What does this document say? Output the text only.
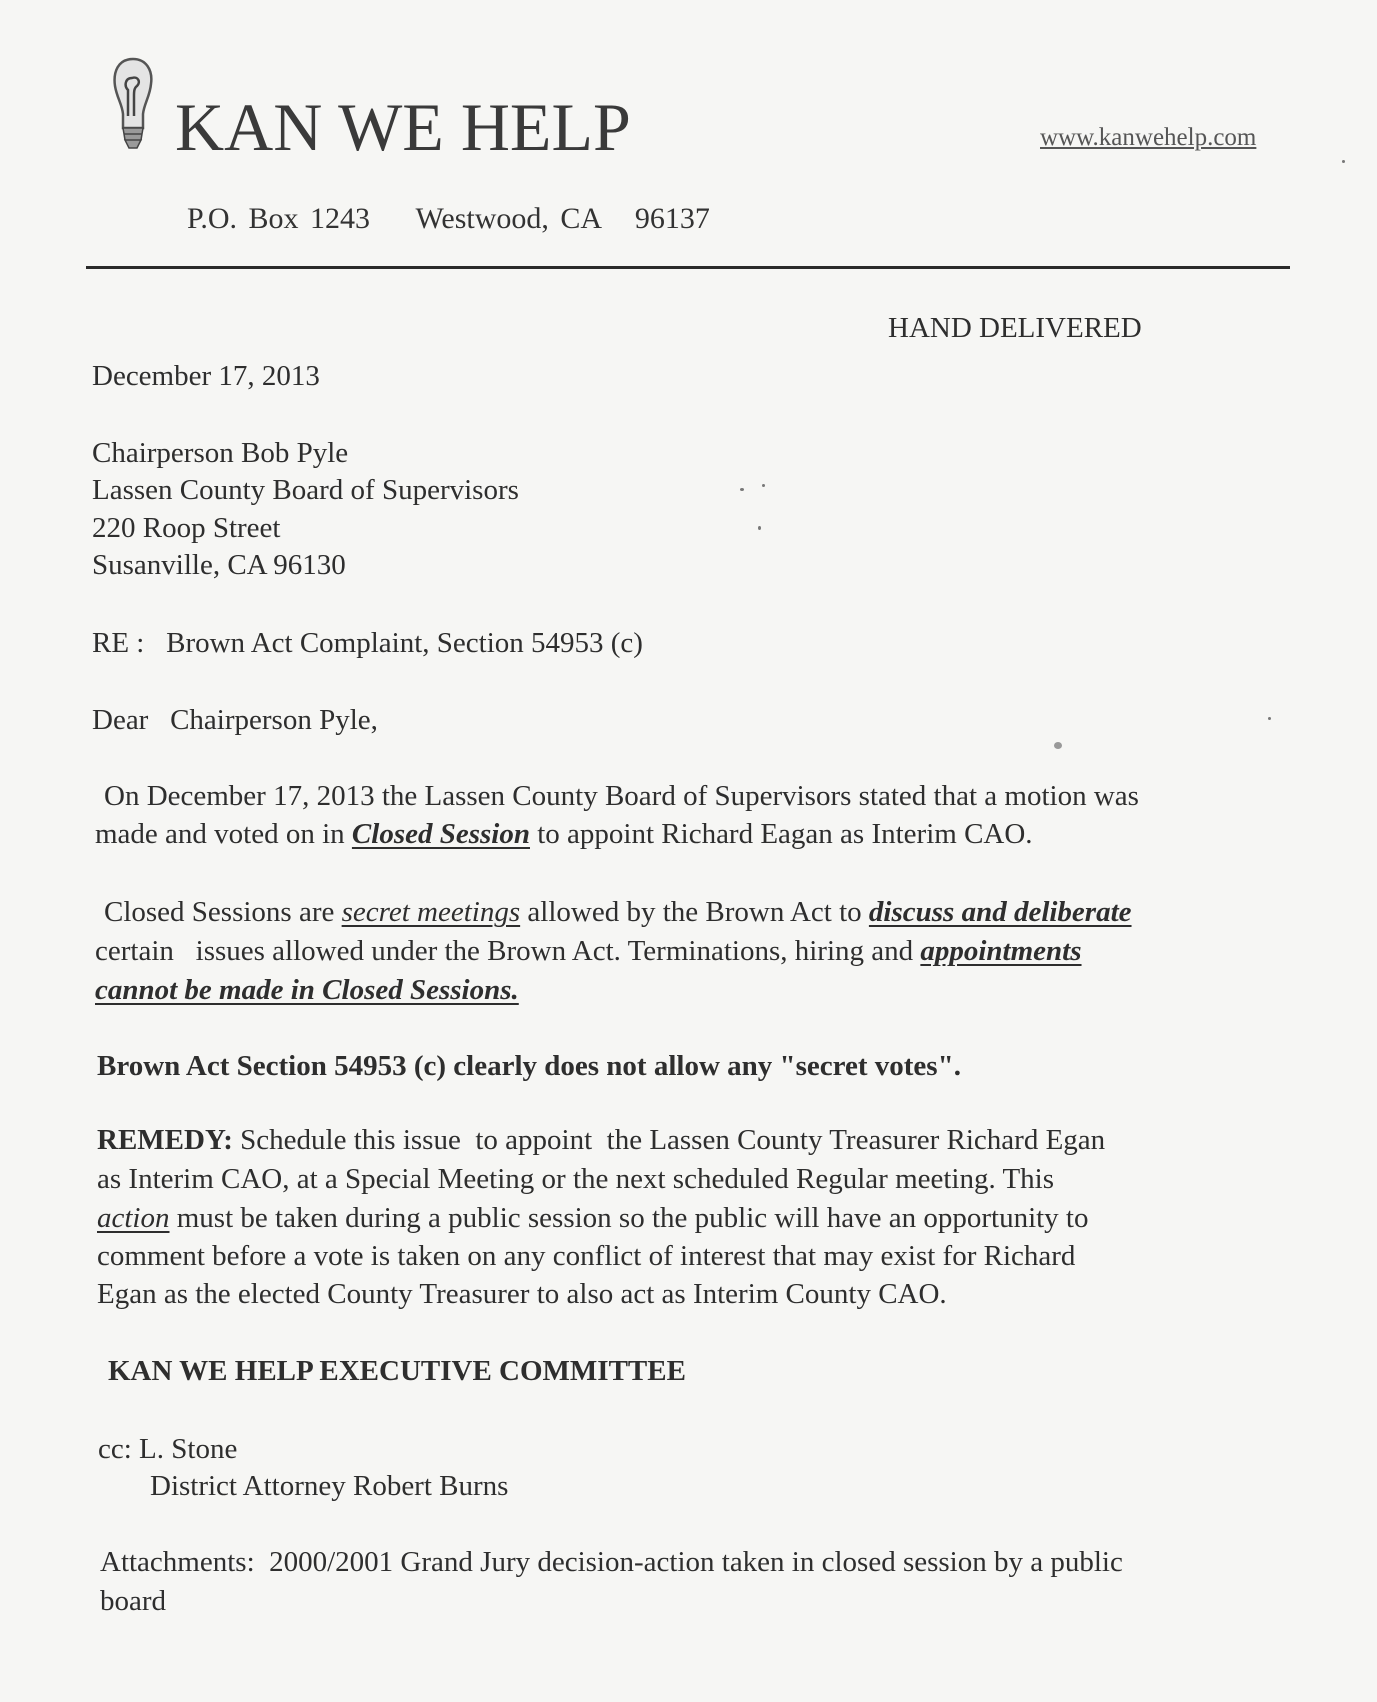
KAN WE HELP	www.kanwehelp.com
P.O. Box 1243    Westwood, CA   96137
HAND DELIVERED
December 17, 2013
Chairperson Bob Pyle
Lassen County Board of Supervisors
220 Roop Street
Susanville, CA 96130
RE :   Brown Act Complaint, Section 54953 (c)
Dear   Chairperson Pyle,
On December 17, 2013 the Lassen County Board of Supervisors stated that a motion was
made and voted on in Closed Session to appoint Richard Eagan as Interim CAO.
Closed Sessions are secret meetings allowed by the Brown Act to discuss and deliberate
certain   issues allowed under the Brown Act. Terminations, hiring and appointments
cannot be made in Closed Sessions.
Brown Act Section 54953 (c) clearly does not allow any "secret votes".
REMEDY: Schedule this issue  to appoint  the Lassen County Treasurer Richard Egan
as Interim CAO, at a Special Meeting or the next scheduled Regular meeting. This
action must be taken during a public session so the public will have an opportunity to
comment before a vote is taken on any conflict of interest that may exist for Richard
Egan as the elected County Treasurer to also act as Interim County CAO.
KAN WE HELP EXECUTIVE COMMITTEE
cc: L. Stone
District Attorney Robert Burns
Attachments:  2000/2001 Grand Jury decision-action taken in closed session by a public
board
